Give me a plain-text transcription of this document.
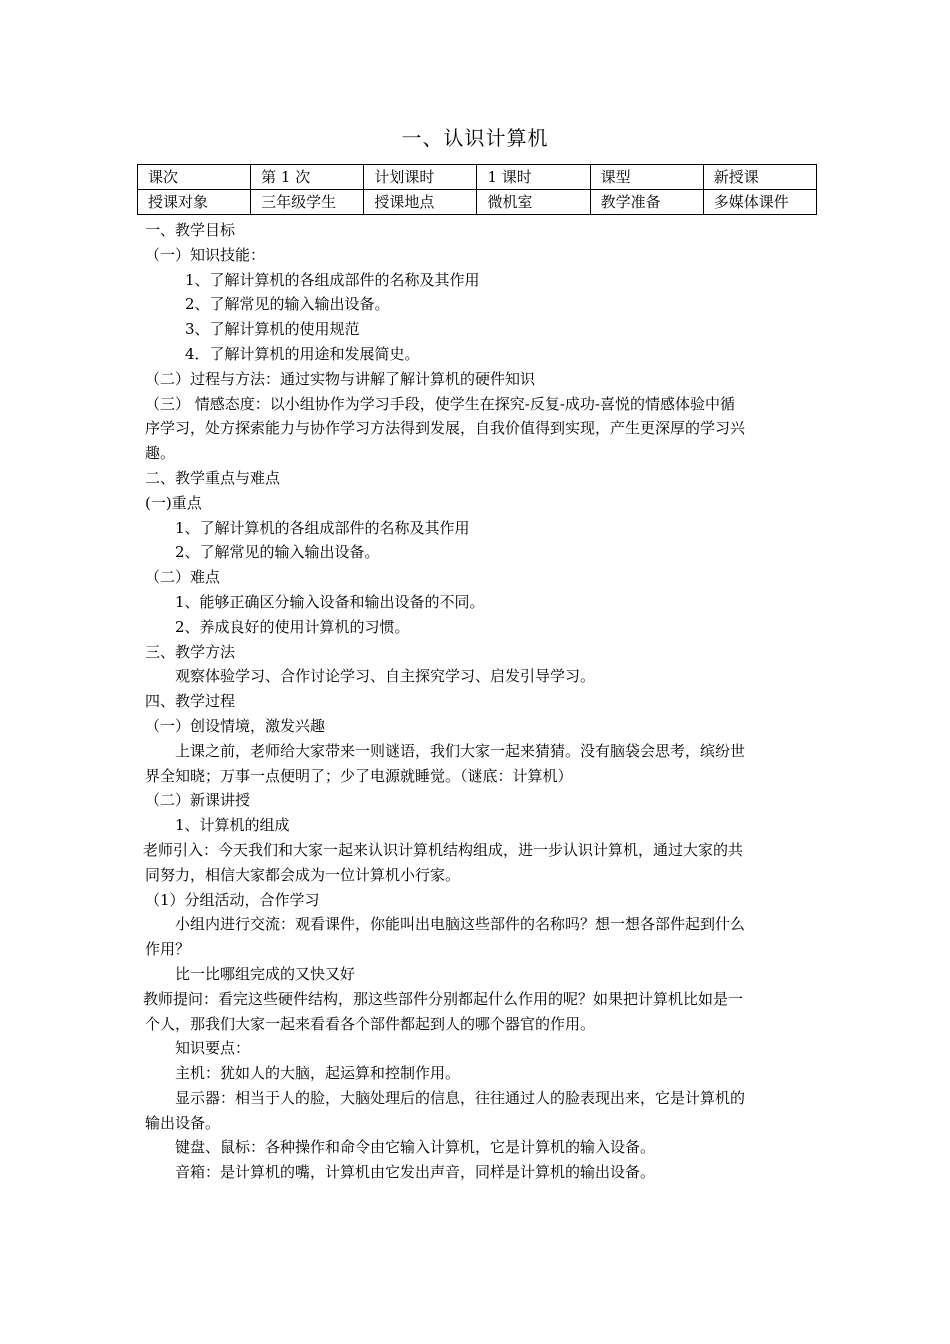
一、认识计算机
课次	第 1 次	计划课时	1 课时	课型	新授课
授课对象	三年级学生	授课地点	微机室	教学准备	多媒体课件
一、教学目标
（一）知识技能：
1、了解计算机的各组成部件的名称及其作用
2、了解常见的输入输出设备。
3、了解计算机的使用规范
4．了解计算机的用途和发展简史。
（二）过程与方法：通过实物与讲解了解计算机的硬件知识
（三） 情感态度：以小组协作为学习手段，使学生在探究-反复-成功-喜悦的情感体验中循
序学习，处方探索能力与协作学习方法得到发展，自我价值得到实现，产生更深厚的学习兴
趣。
二、教学重点与难点
(一)重点
1、了解计算机的各组成部件的名称及其作用
2、了解常见的输入输出设备。
（二）难点
1、能够正确区分输入设备和输出设备的不同。
2、养成良好的使用计算机的习惯。
三、教学方法
观察体验学习、合作讨论学习、自主探究学习、启发引导学习。
四、教学过程
（一）创设情境，激发兴趣
上课之前，老师给大家带来一则谜语，我们大家一起来猜猜。没有脑袋会思考，缤纷世
界全知晓；万事一点便明了；少了电源就睡觉。（谜底：计算机）
（二）新课讲授
1、计算机的组成
老师引入：今天我们和大家一起来认识计算机结构组成，进一步认识计算机，通过大家的共
同努力，相信大家都会成为一位计算机小行家。
（1）分组活动，合作学习
小组内进行交流：观看课件，你能叫出电脑这些部件的名称吗？想一想各部件起到什么
作用？
比一比哪组完成的又快又好
教师提问：看完这些硬件结构，那这些部件分别都起什么作用的呢？如果把计算机比如是一
个人，那我们大家一起来看看各个部件都起到人的哪个器官的作用。
知识要点：
主机：犹如人的大脑，起运算和控制作用。
显示器：相当于人的脸，大脑处理后的信息，往往通过人的脸表现出来，它是计算机的
输出设备。
键盘、鼠标：各种操作和命令由它输入计算机，它是计算机的输入设备。
音箱：是计算机的嘴，计算机由它发出声音，同样是计算机的输出设备。
